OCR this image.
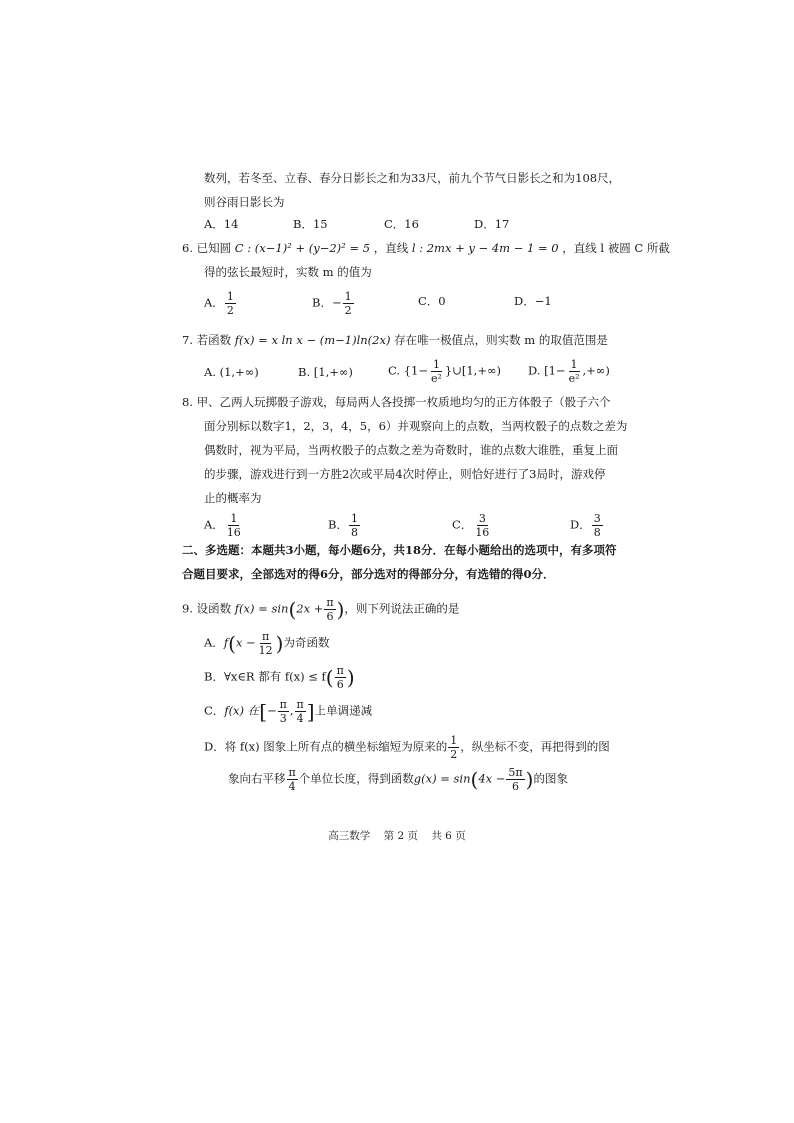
数列，若冬至、立春、春分日影长之和为33尺，前九个节气日影长之和为108尺，
则谷雨日影长为
A．14	B．15	C．16	D．17
6. 已知圆 C : (x−1)² + (y−2)² = 5 ，直线 l : 2mx + y − 4m − 1 = 0 ，直线 l 被圆 C 所截
得的弦长最短时，实数 m 的值为
A． $\frac{1}{2}$	B．− $\frac{1}{2}$	C．0	D．−1
7. 若函数 f(x) = x ln x − (m−1)ln(2x) 存在唯一极值点，则实数 m 的取值范围是
A. (1,+∞)	B. [1,+∞)	C. {$1- \frac{1}{\text{e²}}$ }∪[1,+∞) D. [$1- \frac{1}{\text{e²}}$ ,+∞)
8. 甲、乙两人玩掷骰子游戏，每局两人各投掷一枚质地均匀的正方体骰子（骰子六个
面分别标以数字1，2，3，4，5，6）并观察向上的点数，当两枚骰子的点数之差为
偶数时，视为平局，当两枚骰子的点数之差为奇数时，谁的点数大谁胜，重复上面
的步骤，游戏进行到一方胜2次或平局4次时停止，则恰好进行了3局时，游戏停
止的概率为
A． $\frac{1}{16}$	B． $\frac{1}{8}$	C． $\frac{3}{16}$	D． $\frac{3}{8}$
二、多选题：本题共3小题，每小题6分，共18分．在每小题给出的选项中，有多项符
合题目要求，全部选对的得6分，部分选对的得部分分，有选错的得0分．
9. 设函数 $f(x) = \sin(2x + \frac{\pi}{6}$ )，则下列说法正确的是
A．$f(x - \frac{\pi}{12}$ )为奇函数
B．∀x∈R 都有 $f(x) \le f( \frac{\pi}{6}$ )
C．f(x) 在[− $\frac{\pi}{3}$ , $\frac{\pi}{4}$ ]上单调递减
D．将 f(x) 图象上所有点的横坐标缩短为原来的 $\frac{1}{2}$ ，纵坐标不变，再把得到的图
象向右平移 $\frac{\pi}{4}$ 个单位长度，得到函数$g(x) = \sin(4x - \frac{5\pi}{6}$ )的图象
高三数学    第 2 页    共 6 页
